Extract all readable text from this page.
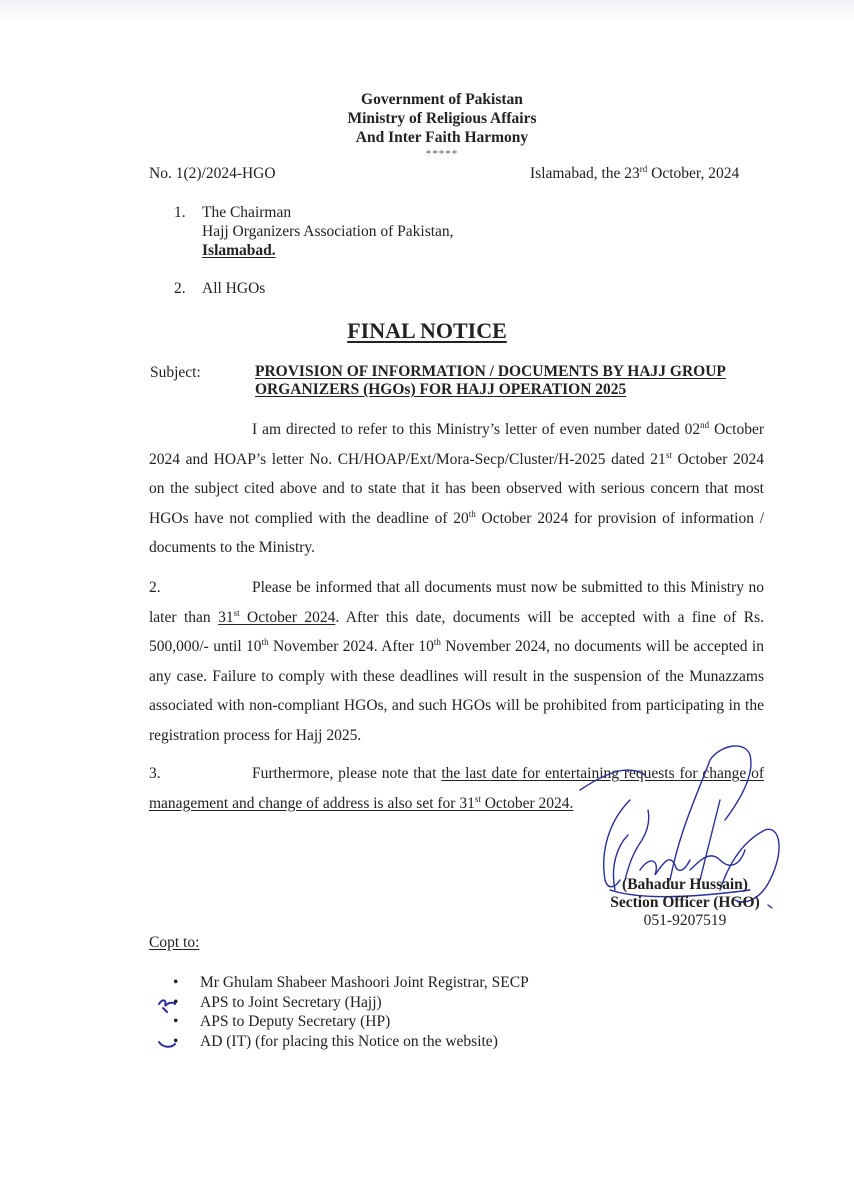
Government of Pakistan
Ministry of Religious Affairs
And Inter Faith Harmony
*****
No. 1(2)/2024-HGO	Islamabad, the 23rd October, 2024
1. The Chairman
Hajj Organizers Association of Pakistan,
Islamabad.
2. All HGOs
FINAL NOTICE
Subject:	PROVISION OF INFORMATION / DOCUMENTS BY HAJJ GROUP
ORGANIZERS (HGOs) FOR HAJJ OPERATION 2025
I am directed to refer to this Ministry’s letter of even number dated 02nd October 2024 and HOAP’s letter No. CH/HOAP/Ext/Mora-Secp/Cluster/H-2025 dated 21st October 2024 on the subject cited above and to state that it has been observed with serious concern that most HGOs have not complied with the deadline of 20th October 2024 for provision of information / documents to the Ministry.
2.	Please be informed that all documents must now be submitted to this Ministry no later than 31st October 2024. After this date, documents will be accepted with a fine of Rs. 500,000/- until 10th November 2024. After 10th November 2024, no documents will be accepted in any case. Failure to comply with these deadlines will result in the suspension of the Munazzams associated with non-compliant HGOs, and such HGOs will be prohibited from participating in the registration process for Hajj 2025.
3.	Furthermore, please note that the last date for entertaining requests for change of management and change of address is also set for 31st October 2024.
(Bahadur Hussain)
Section Officer (HGO)
051-9207519
Copt to:
• Mr Ghulam Shabeer Mashoori Joint Registrar, SECP
• APS to Joint Secretary (Hajj)
• APS to Deputy Secretary (HP)
• AD (IT) (for placing this Notice on the website)
